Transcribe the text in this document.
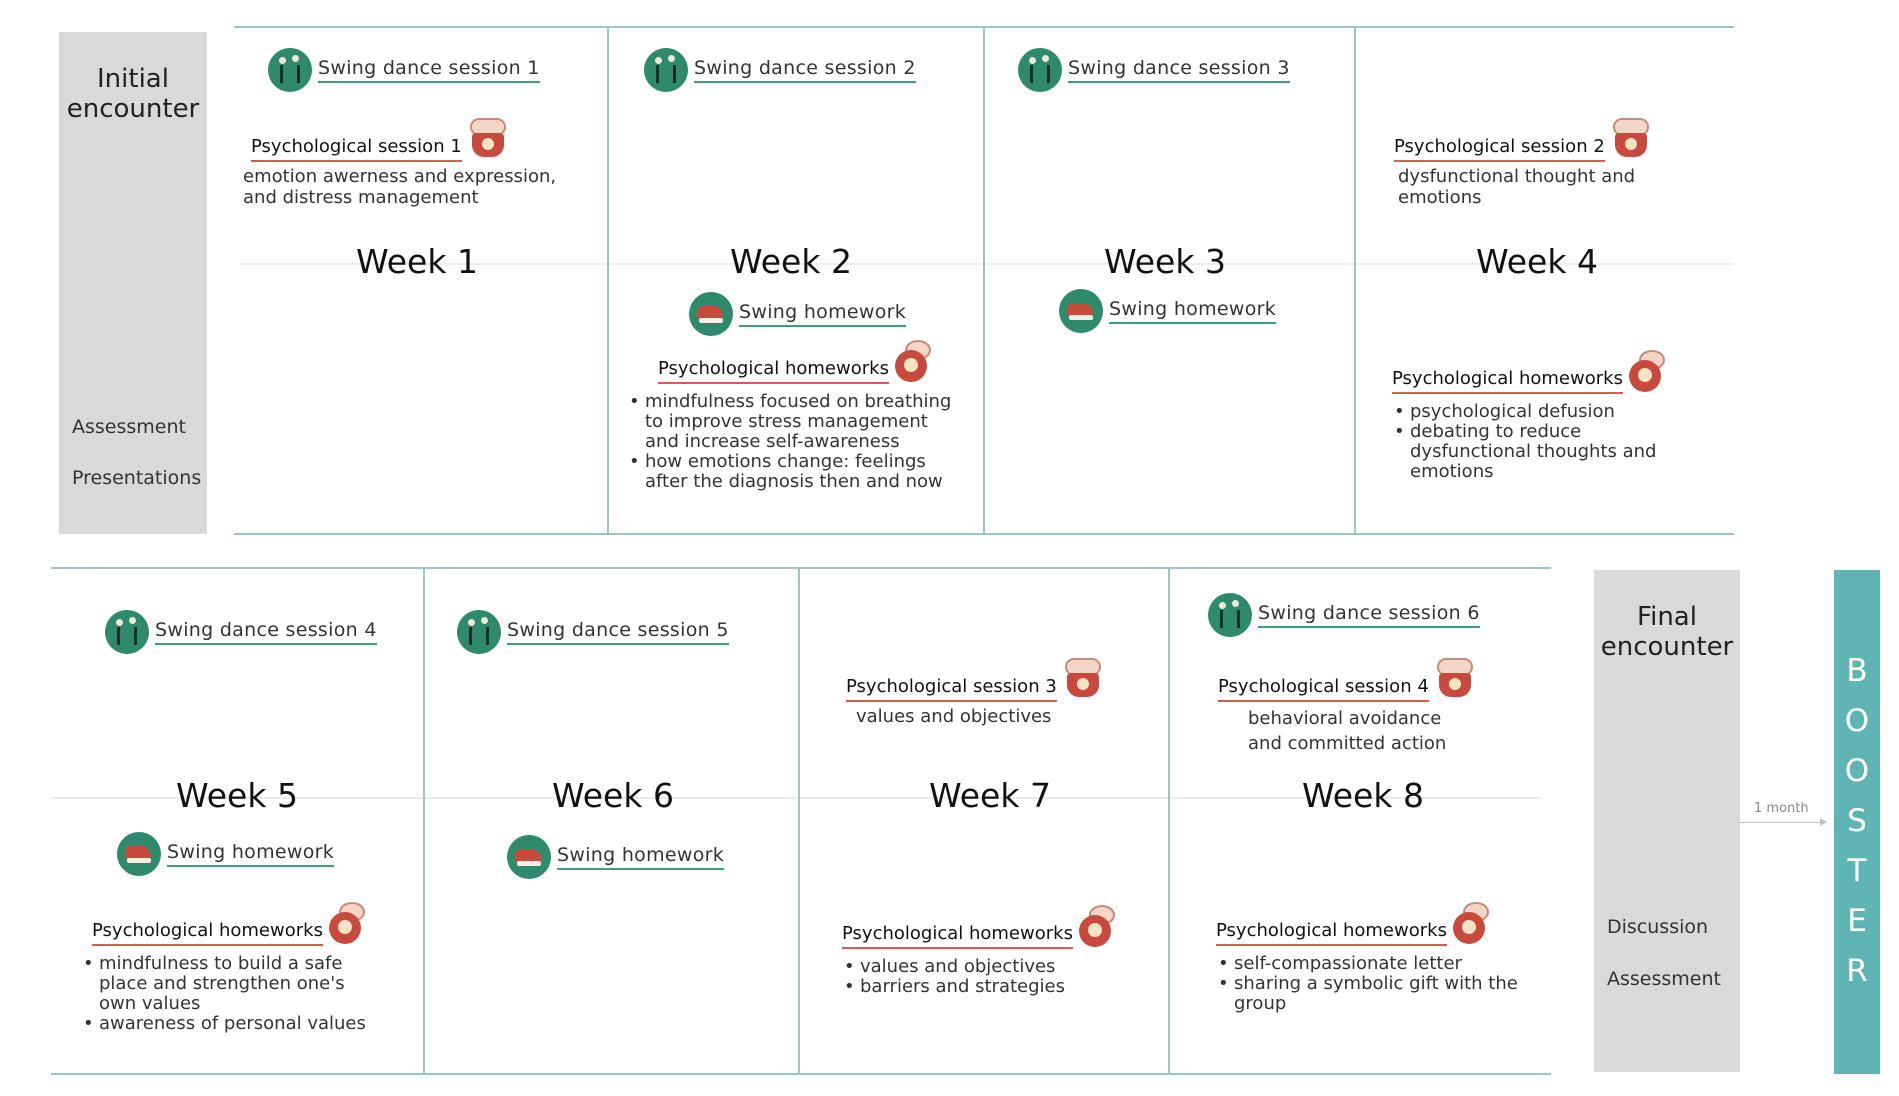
Initial
encounter
Assessment
Presentations
Swing dance session 1
Psychological session 1
emotion awerness and expression,
and distress management
Week 1
Swing dance session 2
Week 2
Swing homework
Psychological homeworks
• mindfulness focused on breathing
to improve stress management
and increase self-awareness
• how emotions change: feelings
after the diagnosis then and now
Swing dance session 3
Week 3
Swing homework
Psychological session 2
dysfunctional thought and
emotions
Week 4
Psychological homeworks
• psychological defusion
• debating to reduce
dysfunctional thoughts and
emotions
Swing dance session 4
Week 5
Swing homework
Psychological homeworks
• mindfulness to build a safe
place and strengthen one's
own values
• awareness of personal values
Swing dance session 5
Week 6
Swing homework
Psychological session 3
values and objectives
Week 7
Psychological homeworks
• values and objectives
• barriers and strategies
Swing dance session 6
Psychological session 4
behavioral avoidance
and committed action
Week 8
Psychological homeworks
• self-compassionate letter
• sharing a symbolic gift with the
group
Final
encounter
Discussion
Assessment
1 month
B
O
O
S
T
E
R
